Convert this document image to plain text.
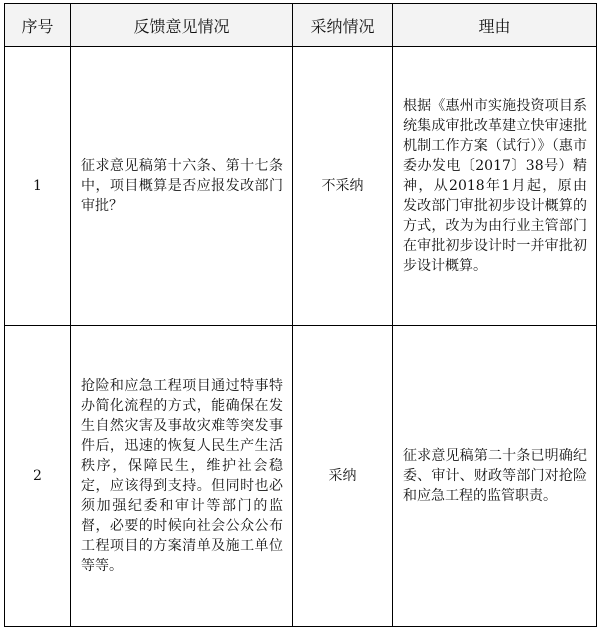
序号	反馈意见情况	采纳情况	理由
1	征求意见稿第十六条、第十七条中，项目概算是否应报发改部门审批？	不采纳	根据《惠州市实施投资项目系统集成审批改革建立快审速批机制工作方案（试行）》（惠市委办发电〔2017〕38号）精神，从2018年1月起，原由发改部门审批初步设计概算的方式，改为为由行业主管部门在审批初步设计时一并审批初步设计概算。
2	抢险和应急工程项目通过特事特办简化流程的方式，能确保在发生自然灾害及事故灾难等突发事件后，迅速的恢复人民生产生活秩序，保障民生，维护社会稳定，应该得到支持。但同时也必须加强纪委和审计等部门的监督，必要的时候向社会公众公布工程项目的方案清单及施工单位等等。	采纳	征求意见稿第二十条已明确纪委、审计、财政等部门对抢险和应急工程的监管职责。
